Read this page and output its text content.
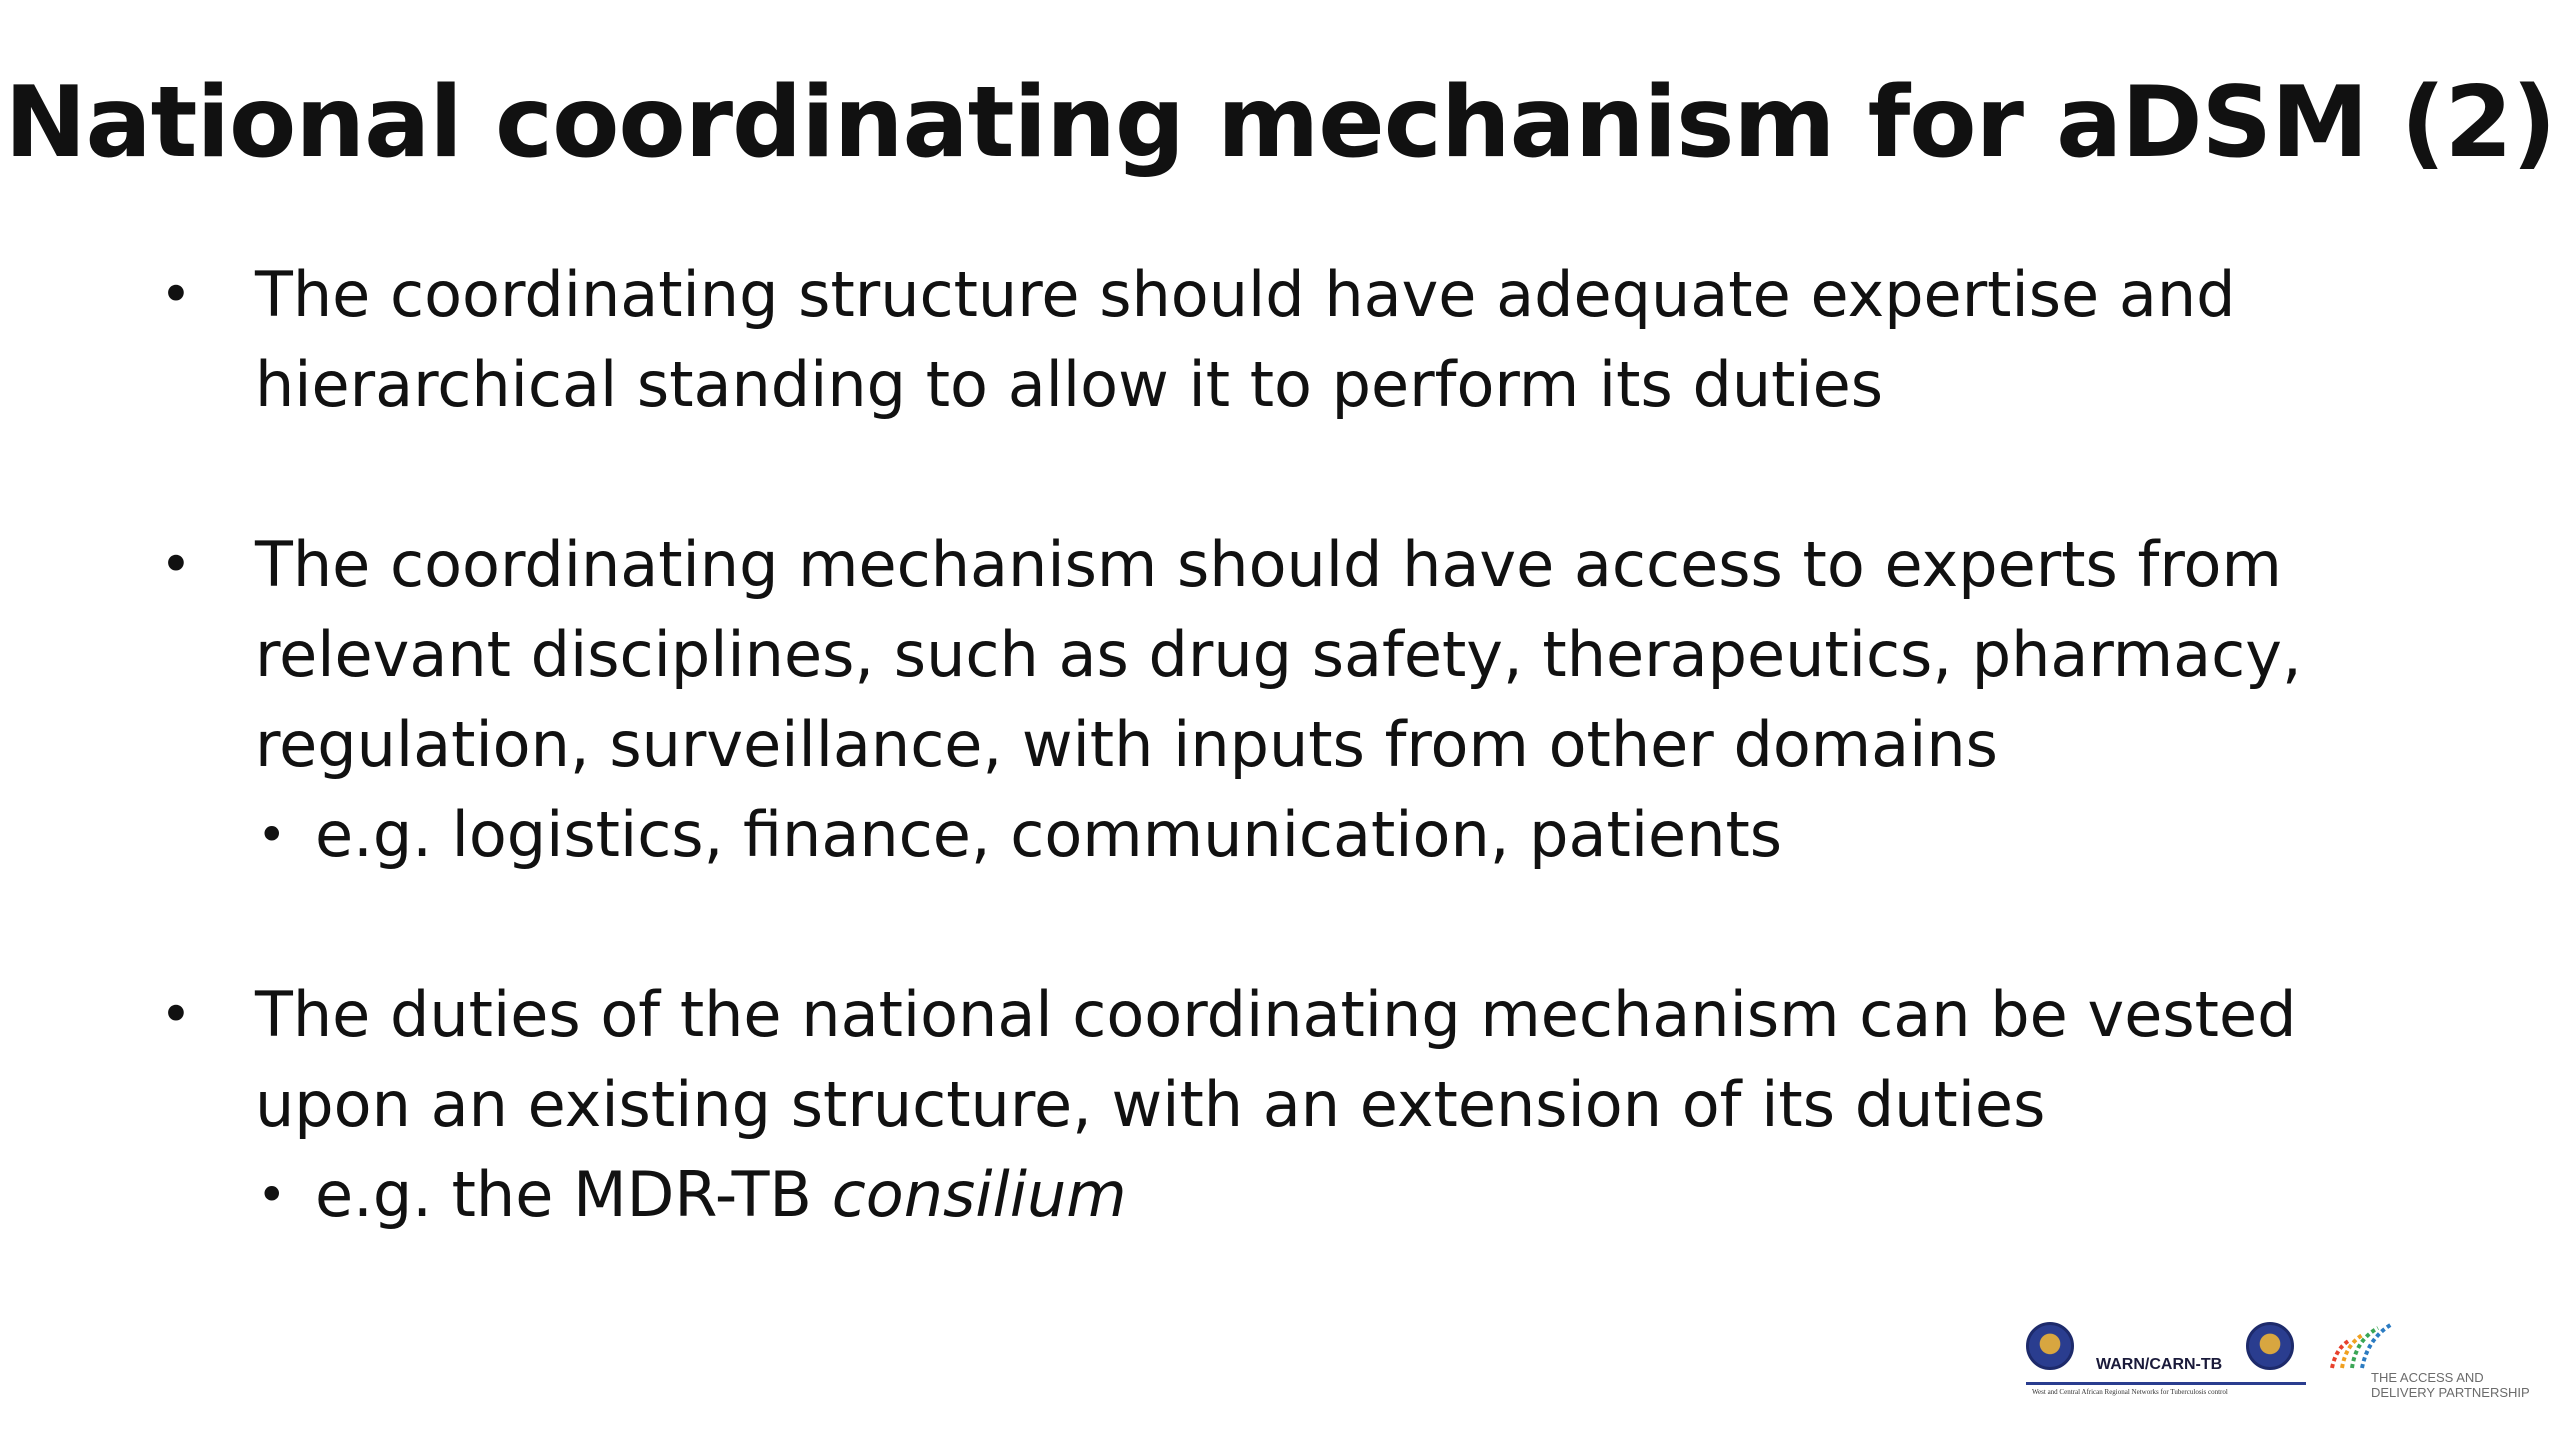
National coordinating mechanism for aDSM (2)
• The coordinating structure should have adequate expertise and hierarchical standing to allow it to perform its duties
• The coordinating mechanism should have access to experts from relevant disciplines, such as drug safety, therapeutics, pharmacy, regulation, surveillance, with inputs from other domains
• e.g. logistics, finance, communication, patients
• The duties of the national coordinating mechanism can be vested upon an existing structure, with an extension of its duties
• e.g. the MDR-TB consilium
WARN/CARN-TB
West and Central African Regional Networks for Tuberculosis control
THE ACCESS AND
DELIVERY PARTNERSHIP
